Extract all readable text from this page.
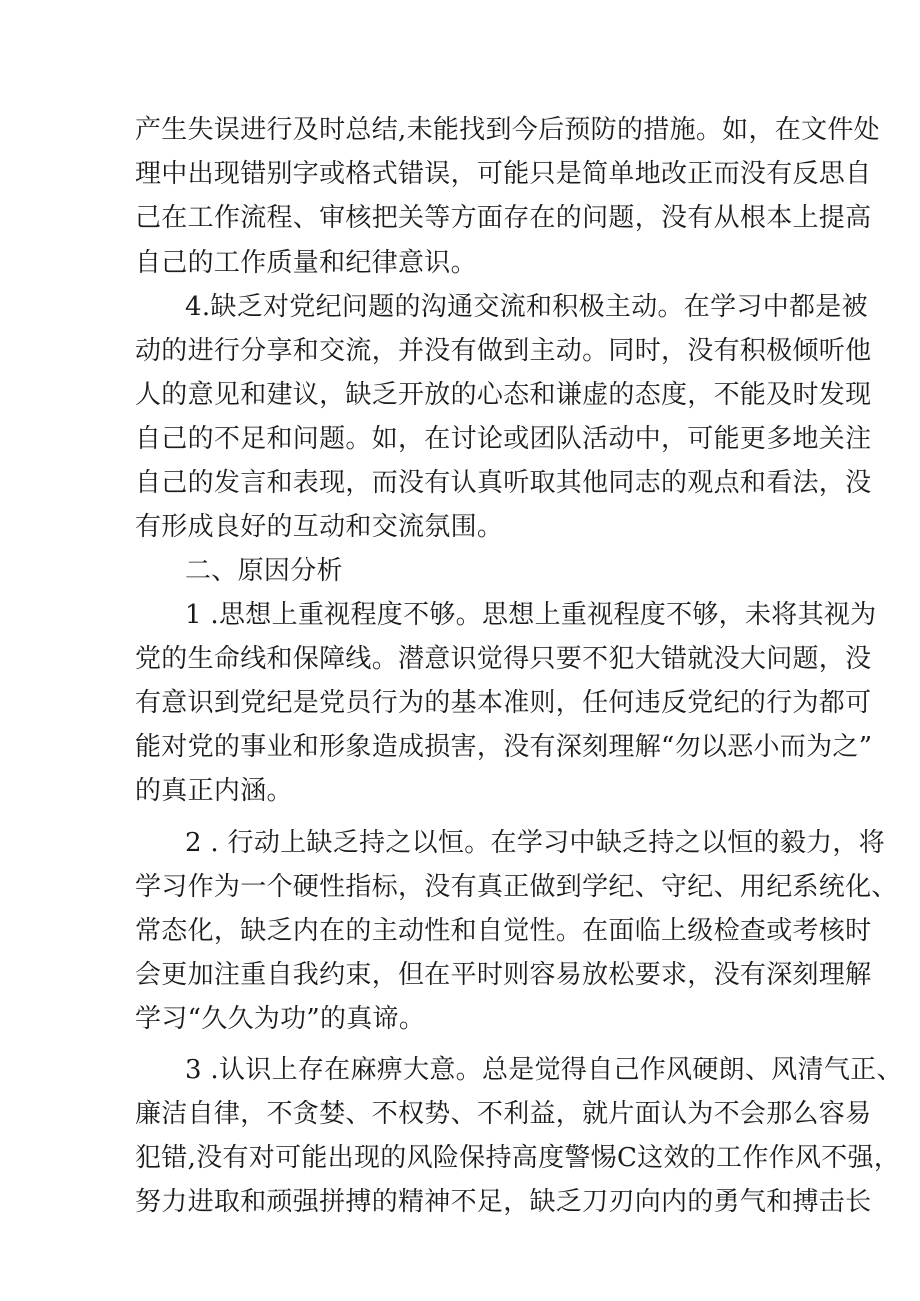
产生失误进行及时总结,未能找到今后预防的措施。如，在文件处
理中出现错别字或格式错误，可能只是简单地改正而没有反思自
己在工作流程、审核把关等方面存在的问题，没有从根本上提高
自己的工作质量和纪律意识。
4.缺乏对党纪问题的沟通交流和积极主动。在学习中都是被
动的进行分享和交流，并没有做到主动。同时，没有积极倾听他
人的意见和建议，缺乏开放的心态和谦虚的态度，不能及时发现
自己的不足和问题。如，在讨论或团队活动中，可能更多地关注
自己的发言和表现，而没有认真听取其他同志的观点和看法，没
有形成良好的互动和交流氛围。
二、原因分析
1 .思想上重视程度不够。思想上重视程度不够，未将其视为
党的生命线和保障线。潜意识觉得只要不犯大错就没大问题，没
有意识到党纪是党员行为的基本准则，任何违反党纪的行为都可
能对党的事业和形象造成损害，没有深刻理解“勿以恶小而为之”
的真正内涵。
2 . 行动上缺乏持之以恒。在学习中缺乏持之以恒的毅力，将
学习作为一个硬性指标，没有真正做到学纪、守纪、用纪系统化、
常态化，缺乏内在的主动性和自觉性。在面临上级检查或考核时
会更加注重自我约束，但在平时则容易放松要求，没有深刻理解
学习“久久为功”的真谛。
3 .认识上存在麻痹大意。总是觉得自己作风硬朗、风清气正、
廉洁自律，不贪婪、不权势、不利益，就片面认为不会那么容易
犯错,没有对可能出现的风险保持高度警惕C这效的工作作风不强，
努力进取和顽强拼搏的精神不足，缺乏刀刃向内的勇气和搏击长
